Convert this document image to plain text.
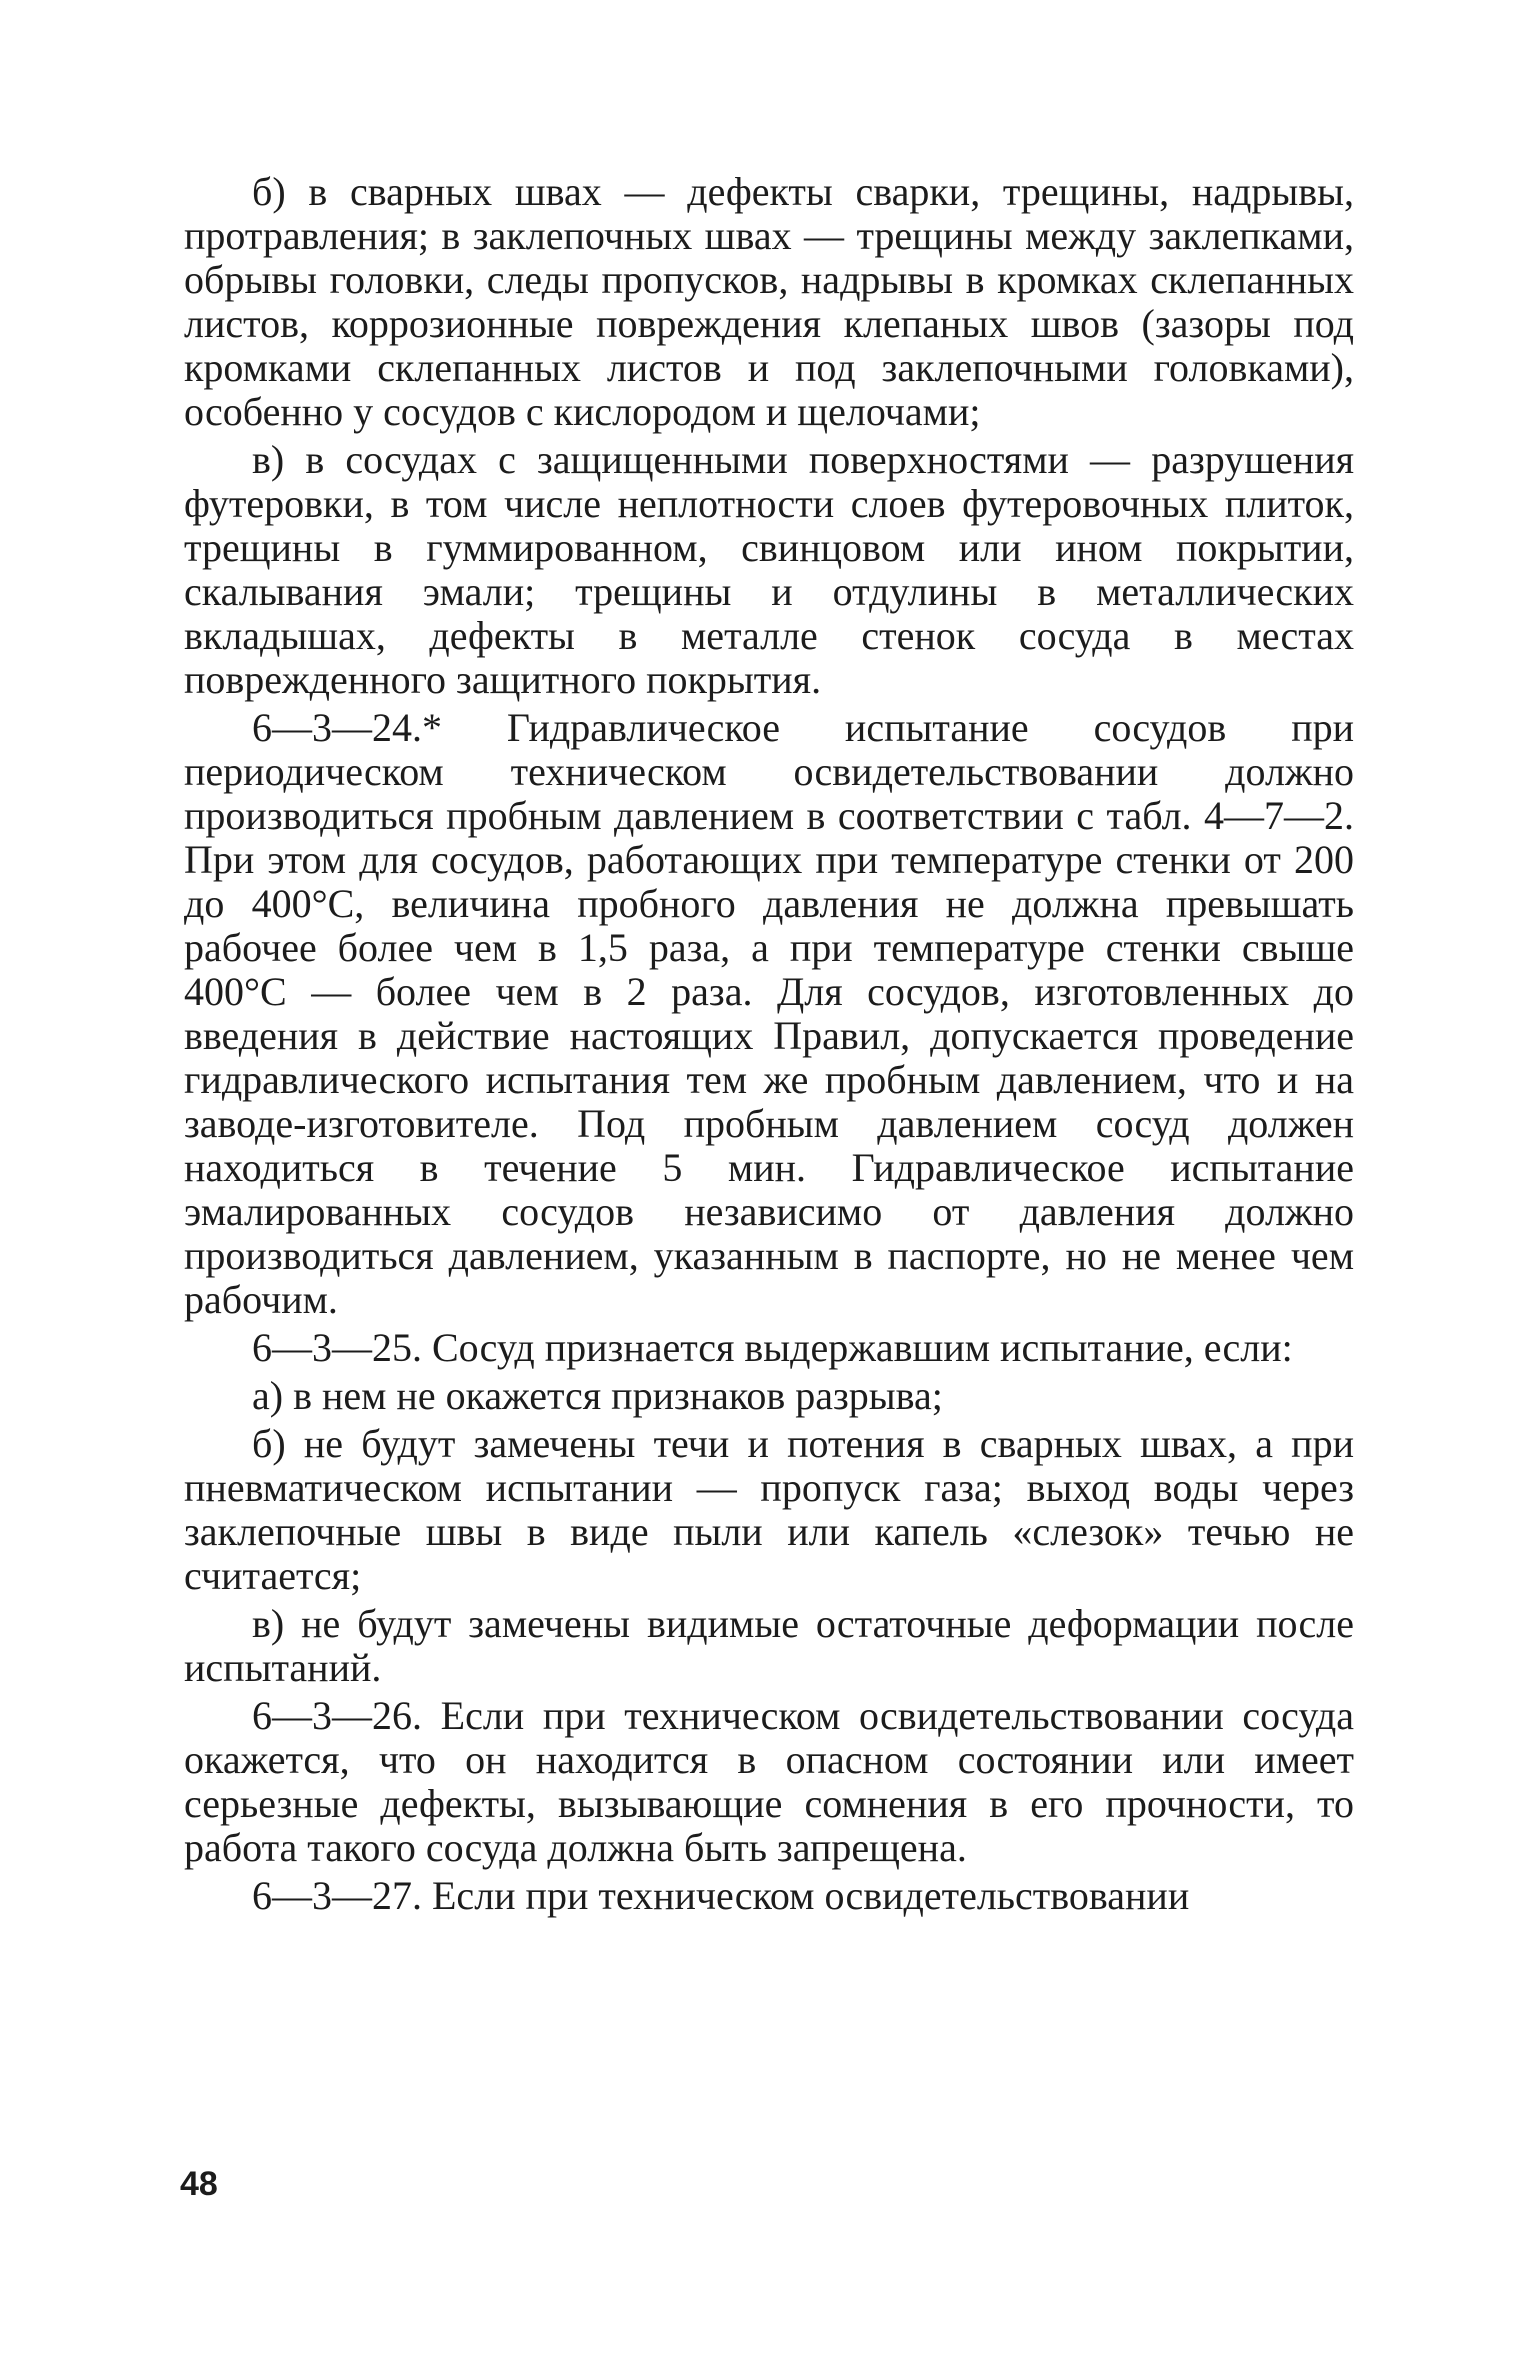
б) в сварных швах — дефекты сварки, трещины, надрывы, протравления; в заклепочных швах — трещины между заклепками, обрывы головки, следы пропусков, надрывы в кромках склепанных листов, коррозионные повреждения клепаных швов (зазоры под кромками склепанных листов и под заклепочными головками), особенно у сосудов с кислородом и щелочами;

в) в сосудах с защищенными поверхностями — разрушения футеровки, в том числе неплотности слоев футеровочных плиток, трещины в гуммированном, свинцовом или ином покрытии, скалывания эмали; трещины и отдулины в металлических вкладышах, дефекты в металле стенок сосуда в местах поврежденного защитного покрытия.

6—3—24.* Гидравлическое испытание сосудов при периодическом техническом освидетельствовании должно производиться пробным давлением в соответствии с табл. 4—7—2. При этом для сосудов, работающих при температуре стенки от 200 до 400°С, величина пробного давления не должна превышать рабочее более чем в 1,5 раза, а при температуре стенки свыше 400°С — более чем в 2 раза. Для сосудов, изготовленных до введения в действие настоящих Правил, допускается проведение гидравлического испытания тем же пробным давлением, что и на заводе-изготовителе. Под пробным давлением сосуд должен находиться в течение 5 мин. Гидравлическое испытание эмалированных сосудов независимо от давления должно производиться давлением, указанным в паспорте, но не менее чем рабочим.

6—3—25. Сосуд признается выдержавшим испытание, если:

а) в нем не окажется признаков разрыва;

б) не будут замечены течи и потения в сварных швах, а при пневматическом испытании — пропуск газа; выход воды через заклепочные швы в виде пыли или капель «слезок» течью не считается;

в) не будут замечены видимые остаточные деформации после испытаний.

6—3—26. Если при техническом освидетельствовании сосуда окажется, что он находится в опасном состоянии или имеет серьезные дефекты, вызывающие сомнения в его прочности, то работа такого сосуда должна быть запрещена.

6—3—27. Если при техническом освидетельствовании

48
